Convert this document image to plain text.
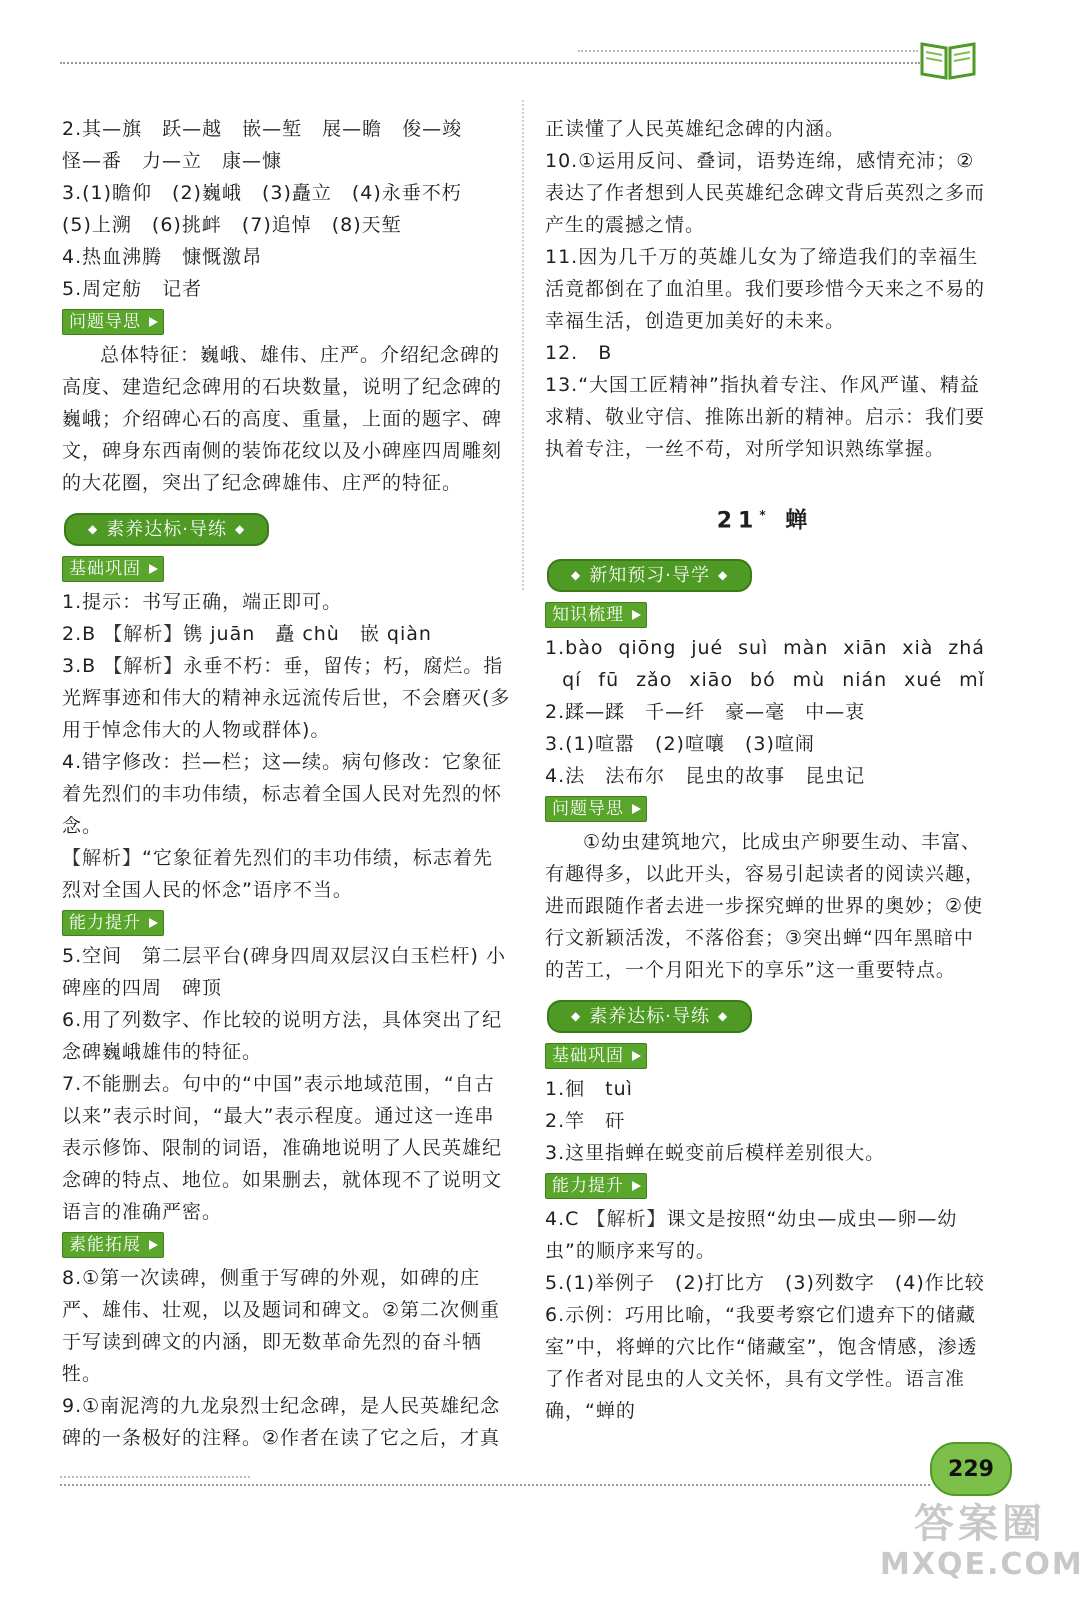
2.其—旗　跃—越　嵌—堑　展—瞻　俊—竣
怪—番　力—立　康—慷
3.(1)瞻仰　(2)巍峨　(3)矗立　(4)永垂不朽
(5)上溯　(6)挑衅　(7)追悼　(8)天堑
4.热血沸腾　慷慨激昂
5.周定舫　记者
问题导思
总体特征：巍峨、雄伟、庄严。介绍纪念碑的高度、建造纪念碑用的石块数量，说明了纪念碑的巍峨；介绍碑心石的高度、重量，上面的题字、碑文，碑身东西南侧的装饰花纹以及小碑座四周雕刻的大花圈，突出了纪念碑雄伟、庄严的特征。
◆ 素养达标·导练 ◆
基础巩固
1.提示：书写正确，端正即可。
2.B 【解析】镌 juān　矗 chù　嵌 qiàn
3.B 【解析】永垂不朽：垂，留传；朽，腐烂。指光辉事迹和伟大的精神永远流传后世，不会磨灭(多用于悼念伟大的人物或群体)。
4.错字修改：拦—栏；这—续。病句修改：它象征着先烈们的丰功伟绩，标志着全国人民对先烈的怀念。
【解析】“它象征着先烈们的丰功伟绩，标志着先烈对全国人民的怀念”语序不当。
能力提升
5.空间　第二层平台(碑身四周双层汉白玉栏杆) 小碑座的四周　碑顶
6.用了列数字、作比较的说明方法，具体突出了纪念碑巍峨雄伟的特征。
7.不能删去。句中的“中国”表示地域范围，“自古以来”表示时间，“最大”表示程度。通过这一连串表示修饰、限制的词语，准确地说明了人民英雄纪念碑的特点、地位。如果删去，就体现不了说明文语言的准确严密。
素能拓展
8.①第一次读碑，侧重于写碑的外观，如碑的庄严、雄伟、壮观，以及题词和碑文。②第二次侧重于写读到碑文的内涵，即无数革命先烈的奋斗牺牲。
9.①南泥湾的九龙泉烈士纪念碑，是人民英雄纪念碑的一条极好的注释。②作者在读了它之后，才真
正读懂了人民英雄纪念碑的内涵。
10.①运用反问、叠词，语势连绵，感情充沛；②表达了作者想到人民英雄纪念碑文背后英烈之多而产生的震撼之情。
11.因为几千万的英雄儿女为了缔造我们的幸福生活竟都倒在了血泊里。我们要珍惜今天来之不易的幸福生活，创造更加美好的未来。
12.　B
13.“大国工匠精神”指执着专注、作风严谨、精益求精、敬业守信、推陈出新的精神。启示：我们要执着专注，一丝不苟，对所学知识熟练掌握。
21* 蝉
◆ 新知预习·导学 ◆
知识梳理
1.bào qiōng jué suì màn xiān xià zhá
qí fū zǎo xiāo bó mù nián xué mǐ
2.蹂—蹂　千—纤　豪—毫　中—衷
3.(1)喧嚣　(2)喧嚷　(3)喧闹
4.法　法布尔　昆虫的故事　昆虫记
问题导思
①幼虫建筑地穴，比成虫产卵要生动、丰富、有趣得多，以此开头，容易引起读者的阅读兴趣，进而跟随作者去进一步探究蝉的世界的奥妙；②使行文新颖活泼，不落俗套；③突出蝉“四年黑暗中的苦工，一个月阳光下的享乐”这一重要特点。
◆ 素养达标·导练 ◆
基础巩固
1.徊　tuì
2.竿　矸
3.这里指蝉在蜕变前后模样差别很大。
能力提升
4.C 【解析】课文是按照“幼虫—成虫—卵—幼虫”的顺序来写的。
5.(1)举例子　(2)打比方　(3)列数字　(4)作比较
6.示例：巧用比喻，“我要考察它们遗弃下的储藏室”中，将蝉的穴比作“储藏室”，饱含情感，渗透了作者对昆虫的人文关怀，具有文学性。语言准确，“蝉的
229
答案圈
MXQE.COM
